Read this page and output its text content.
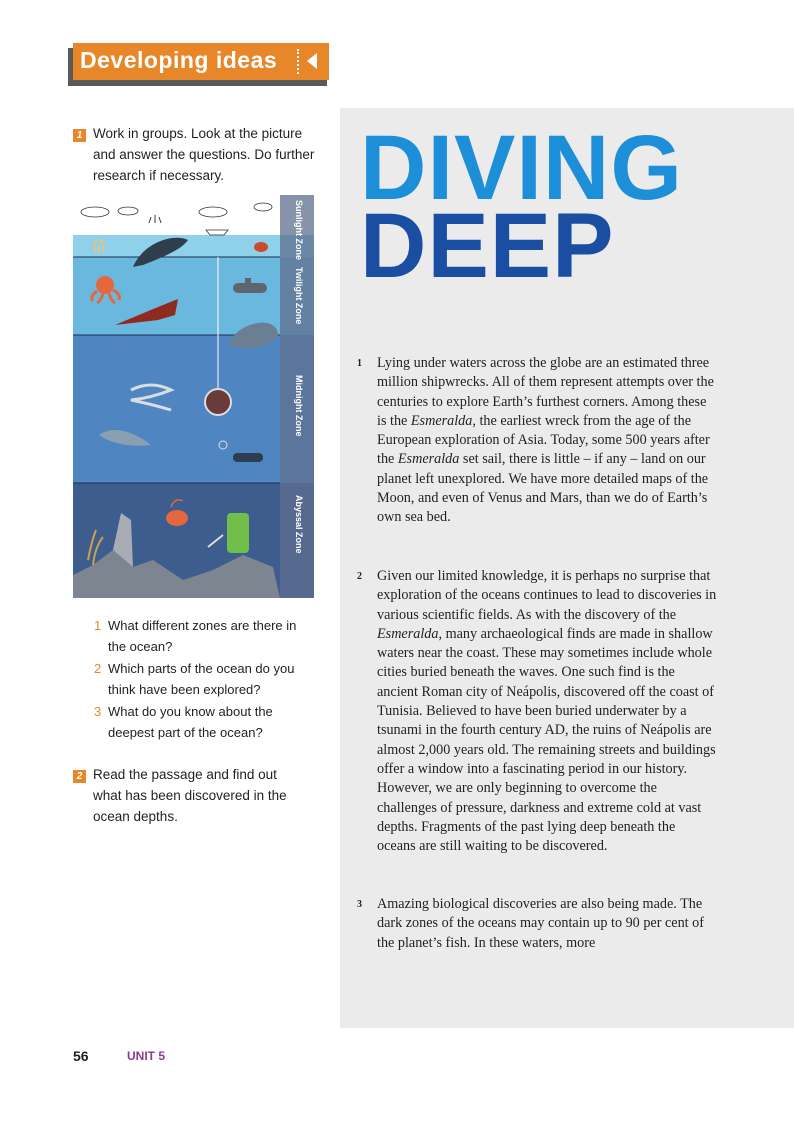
Developing ideas
1 Work in groups. Look at the picture and answer the questions. Do further research if necessary.
Sunlight Zone
Twilight Zone
Midnight Zone
Abyssal Zone
1 What different zones are there in the ocean?
2 Which parts of the ocean do you think have been explored?
3 What do you know about the deepest part of the ocean?
2 Read the passage and find out what has been discovered in the ocean depths.
DIVING
DEEP
1 Lying under waters across the globe are an estimated three million shipwrecks. All of them represent attempts over the centuries to explore Earth’s furthest corners. Among these is the Esmeralda, the earliest wreck from the age of the European exploration of Asia. Today, some 500 years after the Esmeralda set sail, there is little – if any – land on our planet left unexplored. We have more detailed maps of the Moon, and even of Venus and Mars, than we do of Earth’s own sea bed.
2 Given our limited knowledge, it is perhaps no surprise that exploration of the oceans continues to lead to discoveries in various scientific fields. As with the discovery of the Esmeralda, many archaeological finds are made in shallow waters near the coast. These may sometimes include whole cities buried beneath the waves. One such find is the ancient Roman city of Neápolis, discovered off the coast of Tunisia. Believed to have been buried underwater by a tsunami in the fourth century AD, the ruins of Neápolis are almost 2,000 years old. The remaining streets and buildings offer a window into a fascinating period in our history. However, we are only beginning to overcome the challenges of pressure, darkness and extreme cold at vast depths. Fragments of the past lying deep beneath the oceans are still waiting to be discovered.
3 Amazing biological discoveries are also being made. The dark zones of the oceans may contain up to 90 per cent of the planet’s fish. In these waters, more
56	UNIT 5
